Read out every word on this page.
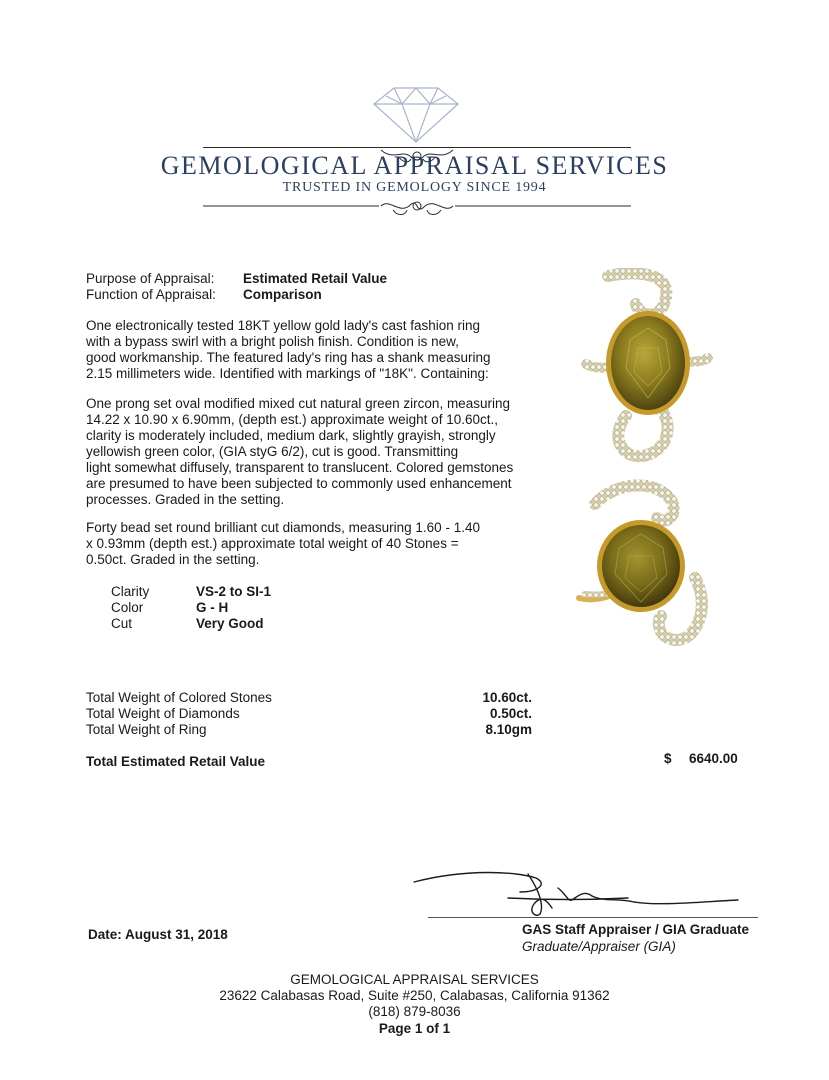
GEMOLOGICAL APPRAISAL SERVICES
TRUSTED IN GEMOLOGY SINCE 1994
Purpose of Appraisal: Estimated Retail Value
Function of Appraisal: Comparison
One electronically tested 18KT yellow gold lady's cast fashion ring
with a bypass swirl with a bright polish finish. Condition is new,
good workmanship. The featured lady's ring has a shank measuring
2.15 millimeters wide. Identified with markings of "18K". Containing:
One prong set oval modified mixed cut natural green zircon, measuring
14.22 x 10.90 x 6.90mm, (depth est.) approximate weight of 10.60ct.,
clarity is moderately included, medium dark, slightly grayish, strongly
yellowish green color, (GIA styG 6/2), cut is good. Transmitting
light somewhat diffusely, transparent to translucent. Colored gemstones
are presumed to have been subjected to commonly used enhancement
processes. Graded in the setting.
Forty bead set round brilliant cut diamonds, measuring 1.60 - 1.40
x 0.93mm (depth est.) approximate total weight of 40 Stones =
0.50ct. Graded in the setting.
Clarity	VS-2 to SI-1
Color	G - H
Cut	Very Good
Total Weight of Colored Stones	10.60ct.
Total Weight of Diamonds	0.50ct.
Total Weight of Ring	8.10gm
Total Estimated Retail Value	$ 6640.00
Date: August 31, 2018	GAS Staff Appraiser / GIA Graduate
Graduate/Appraiser (GIA)
GEMOLOGICAL APPRAISAL SERVICES
23622 Calabasas Road, Suite #250, Calabasas, California 91362
(818) 879-8036
Page 1 of 1
